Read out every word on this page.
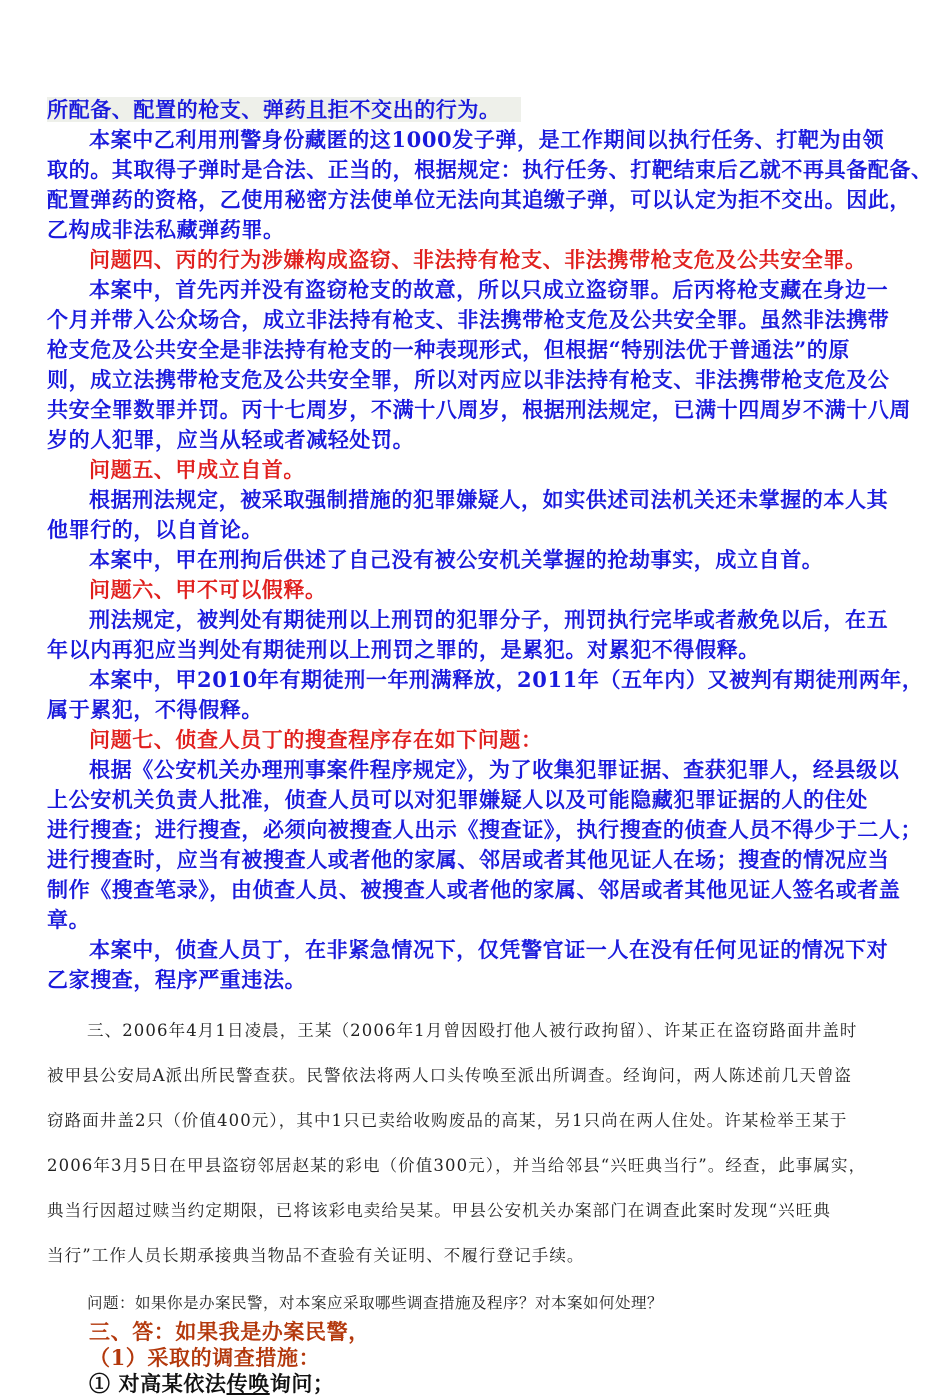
所配备、配置的枪支、弹药且拒不交出的行为。
本案中乙利用刑警身份藏匿的这1000发子弹，是工作期间以执行任务、打靶为由领
取的。其取得子弹时是合法、正当的，根据规定：执行任务、打靶结束后乙就不再具备配备、
配置弹药的资格，乙使用秘密方法使单位无法向其追缴子弹，可以认定为拒不交出。因此，
乙构成非法私藏弹药罪。
问题四、丙的行为涉嫌构成盗窃、非法持有枪支、非法携带枪支危及公共安全罪。
本案中，首先丙并没有盗窃枪支的故意，所以只成立盗窃罪。后丙将枪支藏在身边一
个月并带入公众场合，成立非法持有枪支、非法携带枪支危及公共安全罪。虽然非法携带
枪支危及公共安全是非法持有枪支的一种表现形式，但根据“特别法优于普通法”的原
则，成立法携带枪支危及公共安全罪，所以对丙应以非法持有枪支、非法携带枪支危及公
共安全罪数罪并罚。丙十七周岁，不满十八周岁，根据刑法规定，已满十四周岁不满十八周
岁的人犯罪，应当从轻或者减轻处罚。
问题五、甲成立自首。
根据刑法规定，被采取强制措施的犯罪嫌疑人，如实供述司法机关还未掌握的本人其
他罪行的，以自首论。
本案中，甲在刑拘后供述了自己没有被公安机关掌握的抢劫事实，成立自首。
问题六、甲不可以假释。
刑法规定，被判处有期徒刑以上刑罚的犯罪分子，刑罚执行完毕或者赦免以后，在五
年以内再犯应当判处有期徒刑以上刑罚之罪的，是累犯。对累犯不得假释。
本案中，甲2010年有期徒刑一年刑满释放，2011年（五年内）又被判有期徒刑两年，
属于累犯，不得假释。
问题七、侦查人员丁的搜查程序存在如下问题：
根据《公安机关办理刑事案件程序规定》，为了收集犯罪证据、查获犯罪人，经县级以
上公安机关负责人批准，侦查人员可以对犯罪嫌疑人以及可能隐藏犯罪证据的人的住处
进行搜查；进行搜查，必须向被搜查人出示《搜查证》，执行搜查的侦查人员不得少于二人；
进行搜查时，应当有被搜查人或者他的家属、邻居或者其他见证人在场；搜查的情况应当
制作《搜查笔录》，由侦查人员、被搜查人或者他的家属、邻居或者其他见证人签名或者盖
章。
本案中，侦查人员丁，在非紧急情况下，仅凭警官证一人在没有任何见证的情况下对
乙家搜查，程序严重违法。
三、2006年4月1日凌晨，王某（2006年1月曾因殴打他人被行政拘留）、许某正在盗窃路面井盖时
被甲县公安局A派出所民警查获。民警依法将两人口头传唤至派出所调查。经询问，两人陈述前几天曾盗
窃路面井盖2只（价值400元），其中1只已卖给收购废品的高某，另1只尚在两人住处。许某检举王某于
2006年3月5日在甲县盗窃邻居赵某的彩电（价值300元），并当给邻县“兴旺典当行”。经查，此事属实，
典当行因超过赎当约定期限，已将该彩电卖给吴某。甲县公安机关办案部门在调查此案时发现“兴旺典
当行”工作人员长期承接典当物品不查验有关证明、不履行登记手续。
问题：如果你是办案民警，对本案应采取哪些调查措施及程序？对本案如何处理？
三、答：如果我是办案民警，
（1）采取的调查措施：
① 对高某依法传唤询问；
